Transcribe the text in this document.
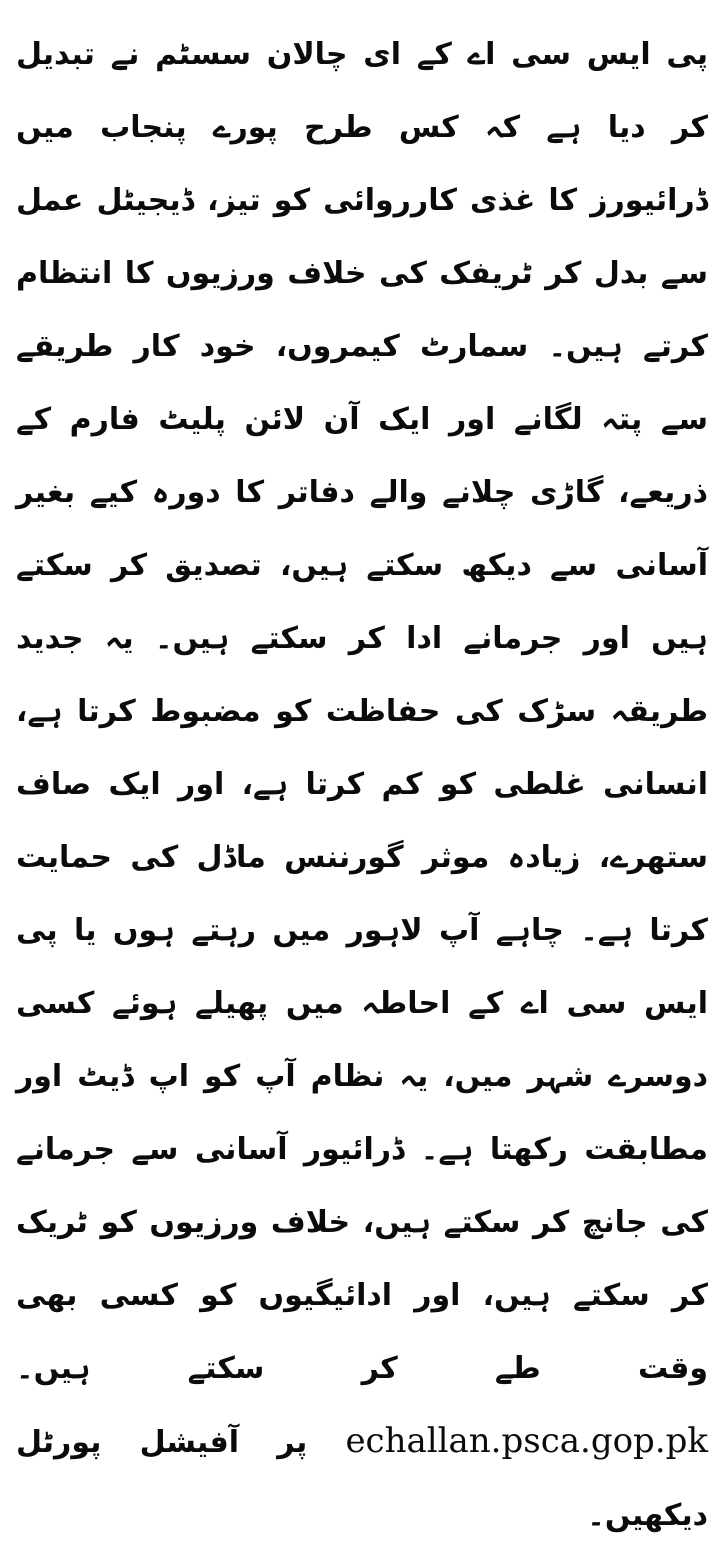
پی ایس سی اے کے ای چالان سسٹم نے تبدیل کر دیا ہے کہ کس طرح پورے پنجاب میں ڈرائیورز کا غذی کارروائی کو تیز، ڈیجیٹل عمل سے بدل کر ٹریفک کی خلاف ورزیوں کا انتظام کرتے ہیں۔ سمارٹ کیمروں، خود کار طریقے سے پتہ لگانے اور ایک آن لائن پلیٹ فارم کے ذریعے، گاڑی چلانے والے دفاتر کا دورہ کیے بغیر آسانی سے دیکھ سکتے ہیں، تصدیق کر سکتے ہیں اور جرمانے ادا کر سکتے ہیں۔ یہ جدید طریقہ سڑک کی حفاظت کو مضبوط کرتا ہے، انسانی غلطی کو کم کرتا ہے، اور ایک صاف ستھرے، زیادہ موثر گورننس ماڈل کی حمایت کرتا ہے۔ چاہے آپ لاہور میں رہتے ہوں یا پی ایس سی اے کے احاطہ میں پھیلے ہوئے کسی دوسرے شہر میں، یہ نظام آپ کو اپ ڈیٹ اور مطابقت رکھتا ہے۔ ڈرائیور آسانی سے جرمانے کی جانچ کر سکتے ہیں، خلاف ورزیوں کو ٹریک کر سکتے ہیں، اور ادائیگیوں کو کسی بھی وقت طے کر سکتے ہیں۔
echallan.psca.gop.pk پر آفیشل پورٹل دیکھیں۔
